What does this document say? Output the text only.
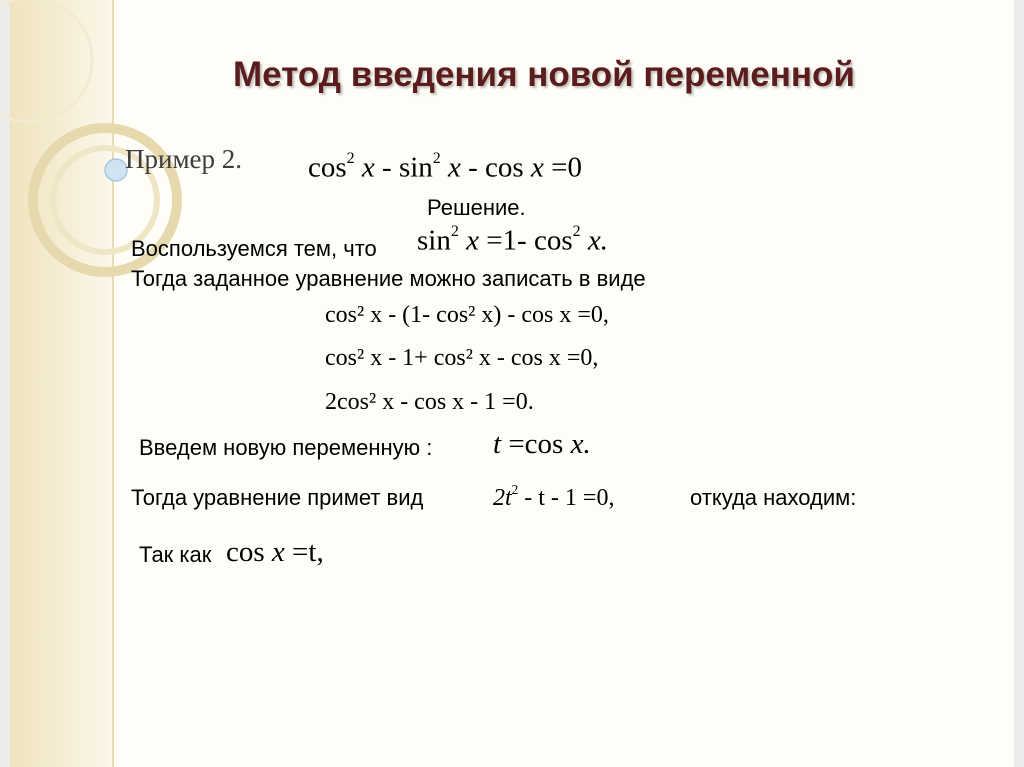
Метод введения новой переменной
Пример 2. $\cos^2 x - \sin^2 x - \cos x =0$
Решение.
Воспользуемся тем, что $\sin^2 x =1-$ $\cos^2 x$.
Тогда заданное уравнение можно записать в виде
cos² x - (1- cos² x) - cos x =0,
cos² x - 1+ cos² x - cos x =0,
2cos² x - cos x - 1 =0.
Введем новую переменную : t =cos x.
Тогда уравнение примет вид	$2t^2 - t - 1 =0$,	откуда находим:
Так как cos x =t,
